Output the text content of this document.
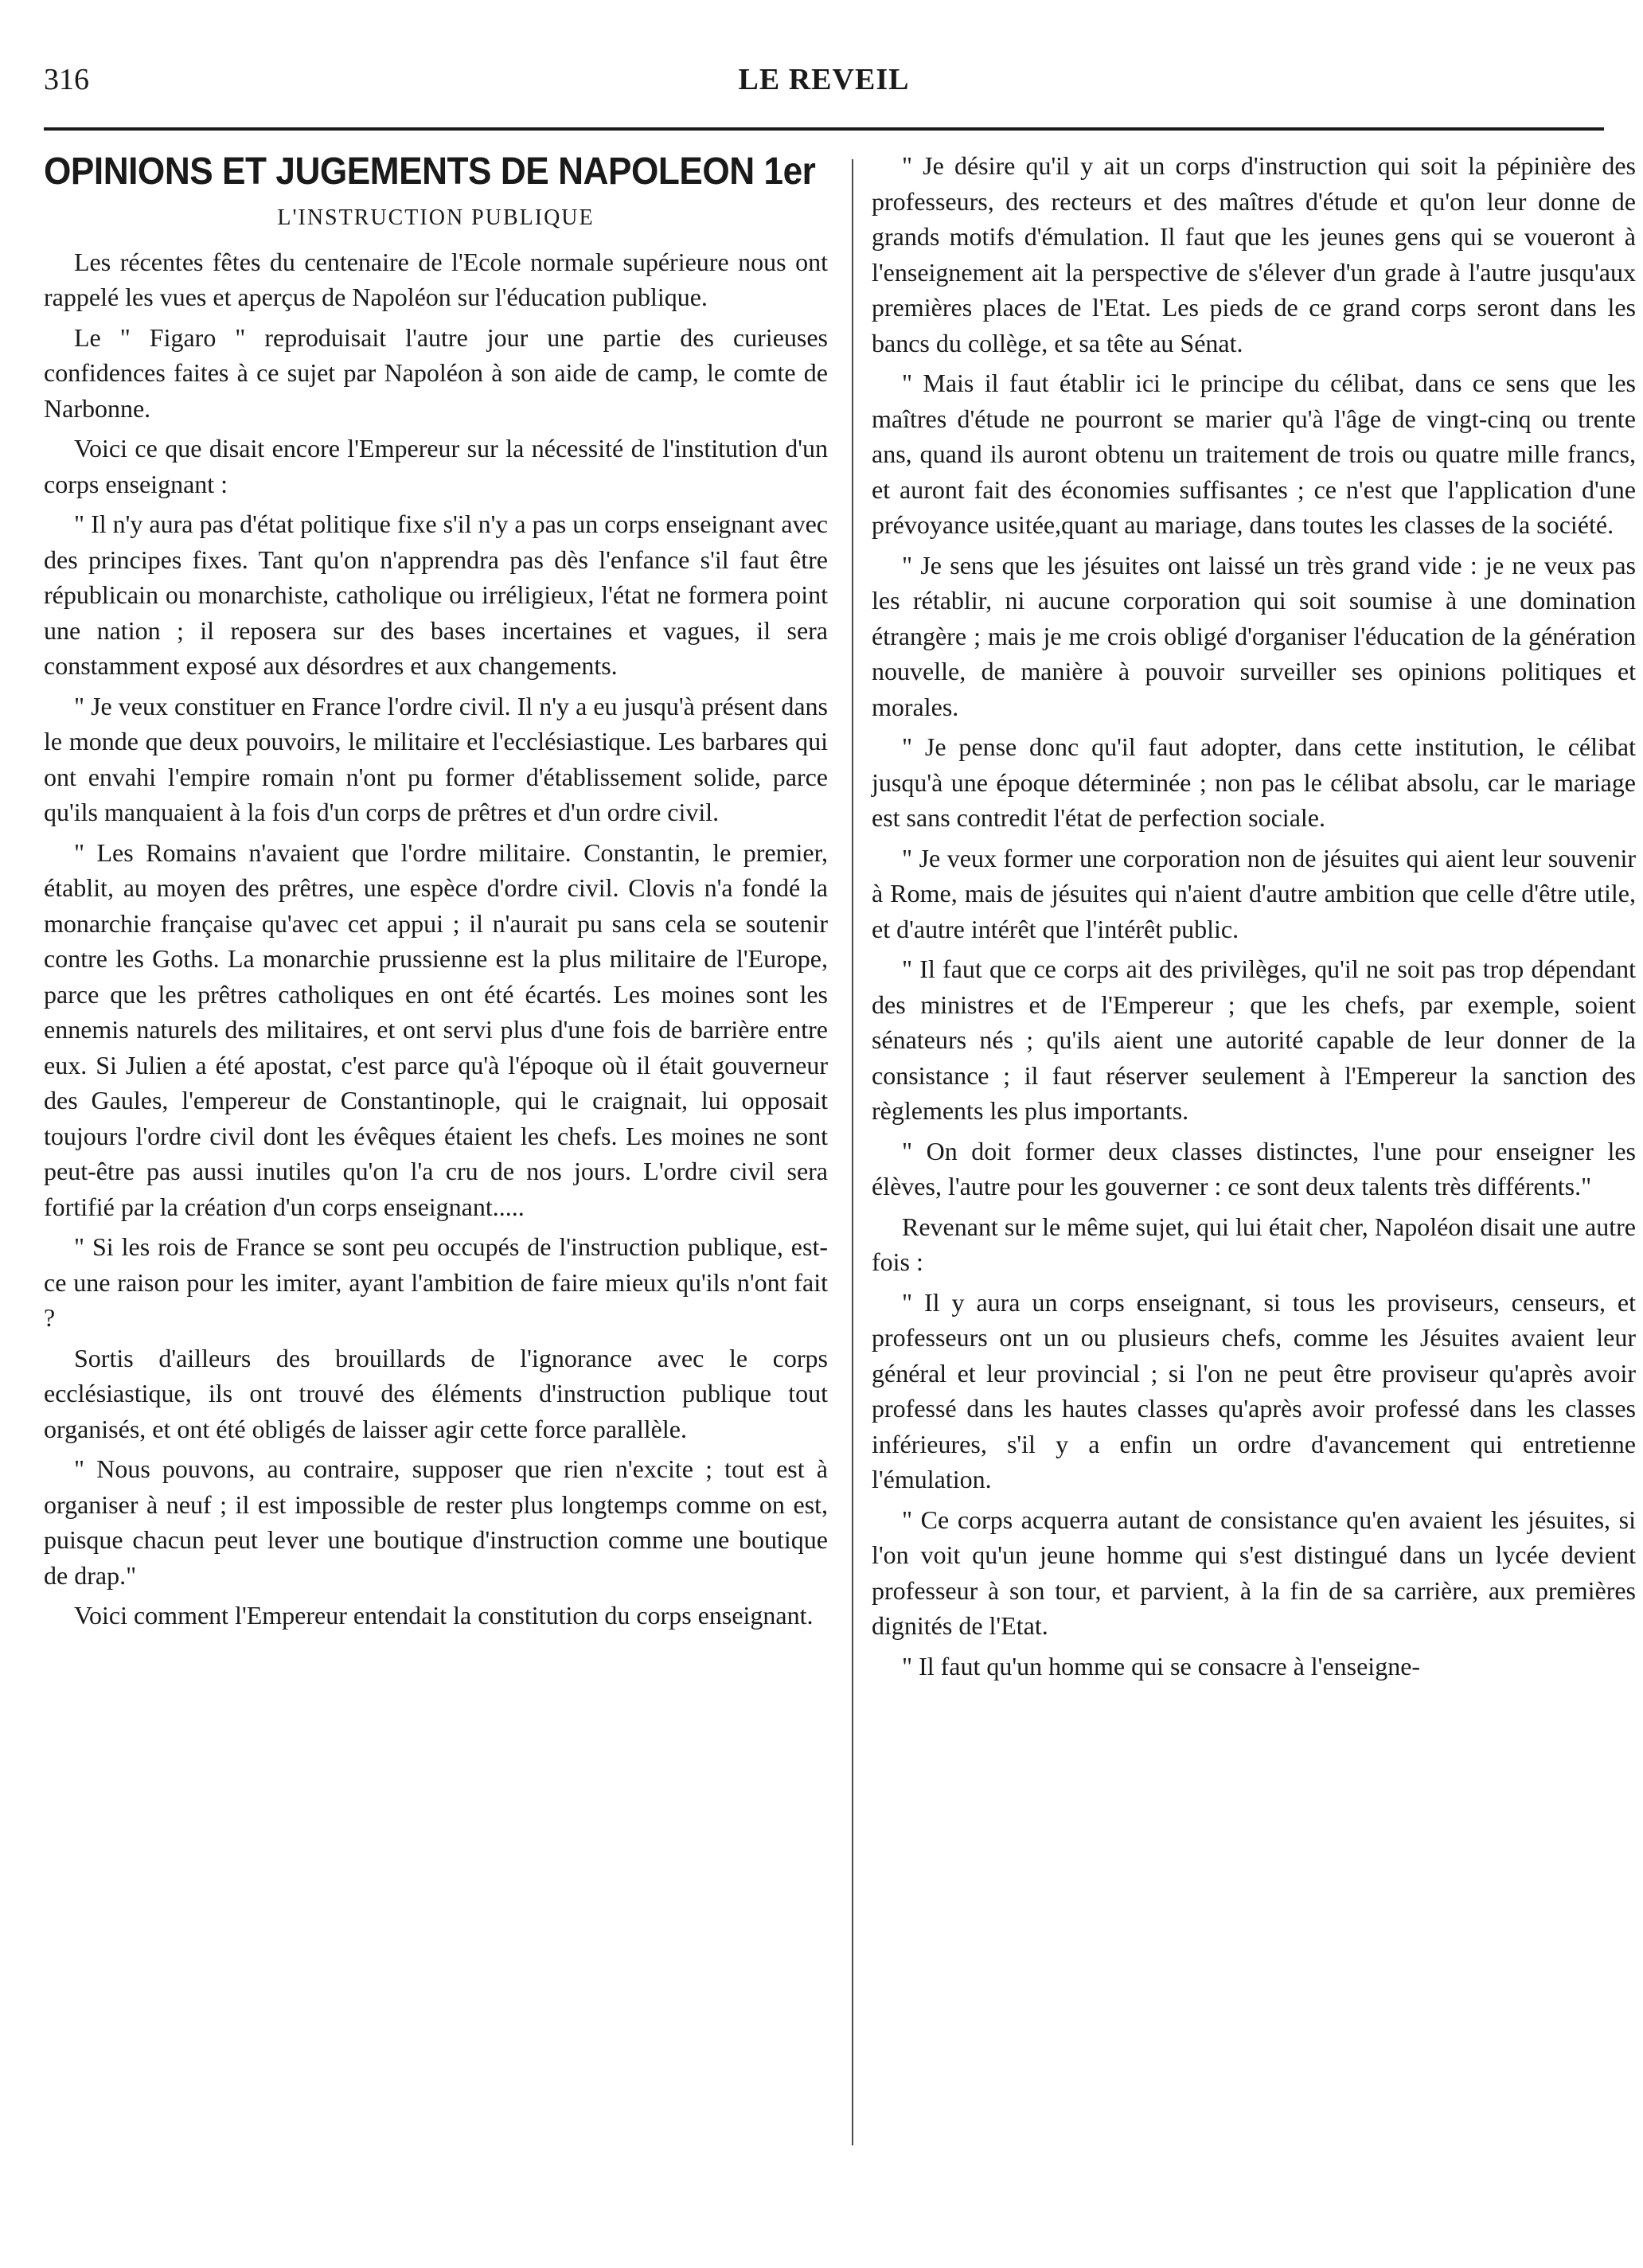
316	LE REVEIL

OPINIONS ET JUGEMENTS DE NAPOLEON 1er

L'INSTRUCTION PUBLIQUE

Les récentes fêtes du centenaire de l'Ecole normale supérieure nous ont rappelé les vues et aperçus de Napoléon sur l'éducation publique.

Le " Figaro " reproduisait l'autre jour une partie des curieuses confidences faites à ce sujet par Napoléon à son aide de camp, le comte de Narbonne.

Voici ce que disait encore l'Empereur sur la nécessité de l'institution d'un corps enseignant :

" Il n'y aura pas d'état politique fixe s'il n'y a pas un corps enseignant avec des principes fixes. Tant qu'on n'apprendra pas dès l'enfance s'il faut être républicain ou monarchiste, catholique ou irréligieux, l'état ne formera point une nation ; il reposera sur des bases incertaines et vagues, il sera constamment exposé aux désordres et aux changements.

" Je veux constituer en France l'ordre civil. Il n'y a eu jusqu'à présent dans le monde que deux pouvoirs, le militaire et l'ecclésiastique. Les barbares qui ont envahi l'empire romain n'ont pu former d'établissement solide, parce qu'ils manquaient à la fois d'un corps de prêtres et d'un ordre civil.

" Les Romains n'avaient que l'ordre militaire. Constantin, le premier, établit, au moyen des prêtres, une espèce d'ordre civil. Clovis n'a fondé la monarchie française qu'avec cet appui ; il n'aurait pu sans cela se soutenir contre les Goths. La monarchie prussienne est la plus militaire de l'Europe, parce que les prêtres catholiques en ont été écartés. Les moines sont les ennemis naturels des militaires, et ont servi plus d'une fois de barrière entre eux. Si Julien a été apostat, c'est parce qu'à l'époque où il était gouverneur des Gaules, l'empereur de Constantinople, qui le craignait, lui opposait toujours l'ordre civil dont les évêques étaient les chefs. Les moines ne sont peut-être pas aussi inutiles qu'on l'a cru de nos jours. L'ordre civil sera fortifié par la création d'un corps enseignant.....

" Si les rois de France se sont peu occupés de l'instruction publique, est-ce une raison pour les imiter, ayant l'ambition de faire mieux qu'ils n'ont fait ?

Sortis d'ailleurs des brouillards de l'ignorance avec le corps ecclésiastique, ils ont trouvé des éléments d'instruction publique tout organisés, et ont été obligés de laisser agir cette force parallèle.

" Nous pouvons, au contraire, supposer que rien n'excite ; tout est à organiser à neuf ; il est impossible de rester plus longtemps comme on est, puisque chacun peut lever une boutique d'instruction comme une boutique de drap."

Voici comment l'Empereur entendait la constitution du corps enseignant.

" Je désire qu'il y ait un corps d'instruction qui soit la pépinière des professeurs, des recteurs et des maîtres d'étude et qu'on leur donne de grands motifs d'émulation. Il faut que les jeunes gens qui se voueront à l'enseignement ait la perspective de s'élever d'un grade à l'autre jusqu'aux premières places de l'Etat. Les pieds de ce grand corps seront dans les bancs du collège, et sa tête au Sénat.

" Mais il faut établir ici le principe du célibat, dans ce sens que les maîtres d'étude ne pourront se marier qu'à l'âge de vingt-cinq ou trente ans, quand ils auront obtenu un traitement de trois ou quatre mille francs, et auront fait des économies suffisantes ; ce n'est que l'application d'une prévoyance usitée,quant au mariage, dans toutes les classes de la société.

" Je sens que les jésuites ont laissé un très grand vide : je ne veux pas les rétablir, ni aucune corporation qui soit soumise à une domination étrangère ; mais je me crois obligé d'organiser l'éducation de la génération nouvelle, de manière à pouvoir surveiller ses opinions politiques et morales.

" Je pense donc qu'il faut adopter, dans cette institution, le célibat jusqu'à une époque déterminée ; non pas le célibat absolu, car le mariage est sans contredit l'état de perfection sociale.

" Je veux former une corporation non de jésuites qui aient leur souvenir à Rome, mais de jésuites qui n'aient d'autre ambition que celle d'être utile, et d'autre intérêt que l'intérêt public.

" Il faut que ce corps ait des privilèges, qu'il ne soit pas trop dépendant des ministres et de l'Empereur ; que les chefs, par exemple, soient sénateurs nés ; qu'ils aient une autorité capable de leur donner de la consistance ; il faut réserver seulement à l'Empereur la sanction des règlements les plus importants.

" On doit former deux classes distinctes, l'une pour enseigner les élèves, l'autre pour les gouverner : ce sont deux talents très différents."

Revenant sur le même sujet, qui lui était cher, Napoléon disait une autre fois :

" Il y aura un corps enseignant, si tous les proviseurs, censeurs, et professeurs ont un ou plusieurs chefs, comme les Jésuites avaient leur général et leur provincial ; si l'on ne peut être proviseur qu'après avoir professé dans les hautes classes qu'après avoir professé dans les classes inférieures, s'il y a enfin un ordre d'avancement qui entretienne l'émulation.

" Ce corps acquerra autant de consistance qu'en avaient les jésuites, si l'on voit qu'un jeune homme qui s'est distingué dans un lycée devient professeur à son tour, et parvient, à la fin de sa carrière, aux premières dignités de l'Etat.

" Il faut qu'un homme qui se consacre à l'enseigne-
